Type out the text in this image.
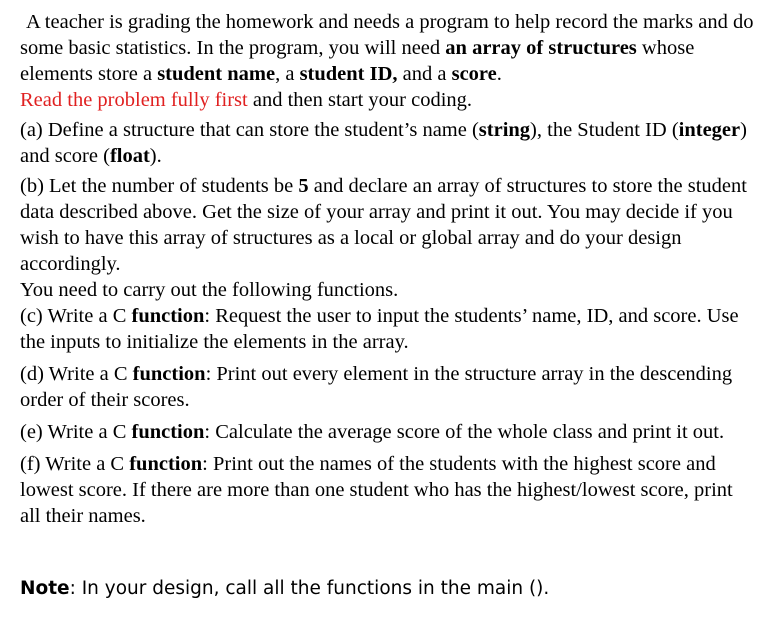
A teacher is grading the homework and needs a program to help record the marks and do some basic statistics. In the program, you will need an array of structures whose elements store a student name, a student ID, and a score.
Read the problem fully first and then start your coding.

(a) Define a structure that can store the student’s name (string), the Student ID (integer) and score (float).

(b) Let the number of students be 5 and declare an array of structures to store the student data described above. Get the size of your array and print it out. You may decide if you wish to have this array of structures as a local or global array and do your design accordingly.

You need to carry out the following functions.

(c) Write a C function: Request the user to input the students’ name, ID, and score. Use the inputs to initialize the elements in the array.

(d) Write a C function: Print out every element in the structure array in the descending order of their scores.

(e) Write a C function: Calculate the average score of the whole class and print it out.

(f) Write a C function: Print out the names of the students with the highest score and lowest score. If there are more than one student who has the highest/lowest score, print all their names.

Note: In your design, call all the functions in the main ().
